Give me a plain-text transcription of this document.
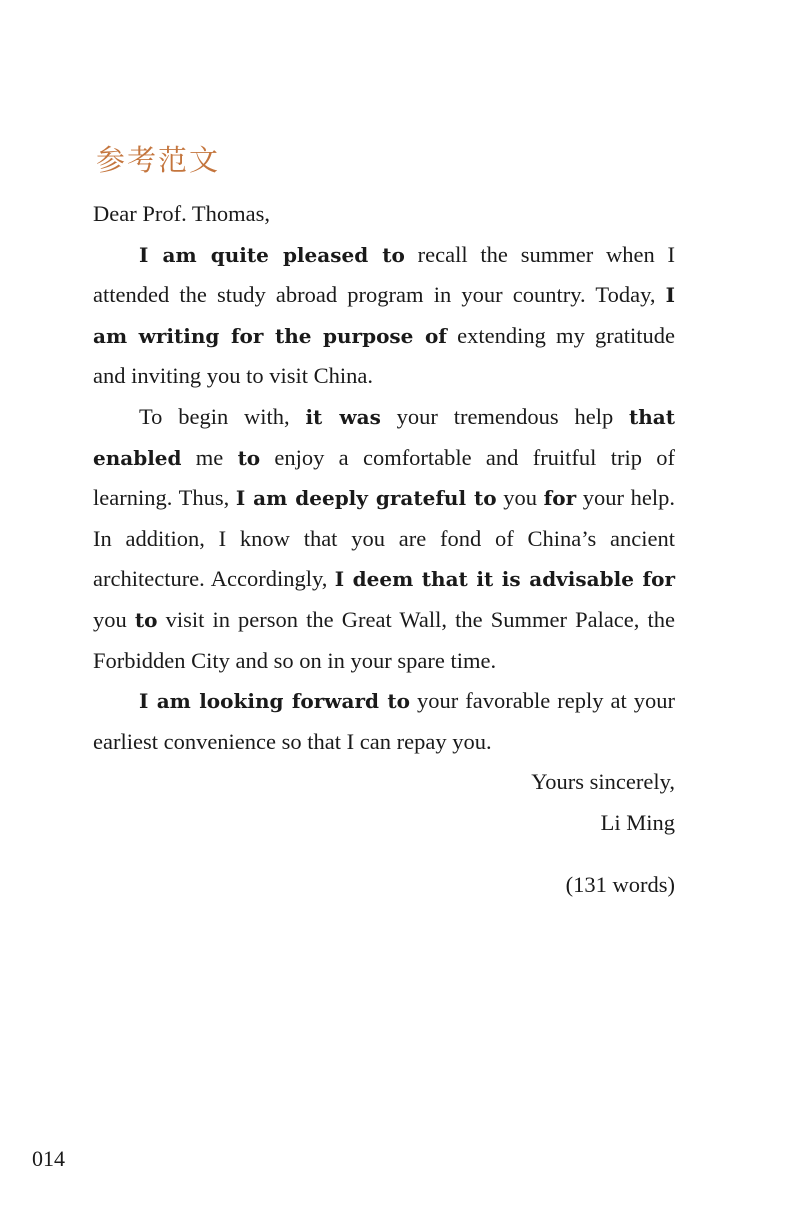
参考范文

Dear Prof. Thomas,

I am quite pleased to recall the summer when I attended the study abroad program in your country. Today, I am writing for the purpose of extending my gratitude and inviting you to visit China.

To begin with, it was your tremendous help that enabled me to enjoy a comfortable and fruitful trip of learning. Thus, I am deeply grateful to you for your help. In addition, I know that you are fond of China’s ancient architecture. Accordingly, I deem that it is advisable for you to visit in person the Great Wall, the Summer Palace, the Forbidden City and so on in your spare time.

I am looking forward to your favorable reply at your earliest convenience so that I can repay you.

Yours sincerely,

Li Ming

(131 words)

014
